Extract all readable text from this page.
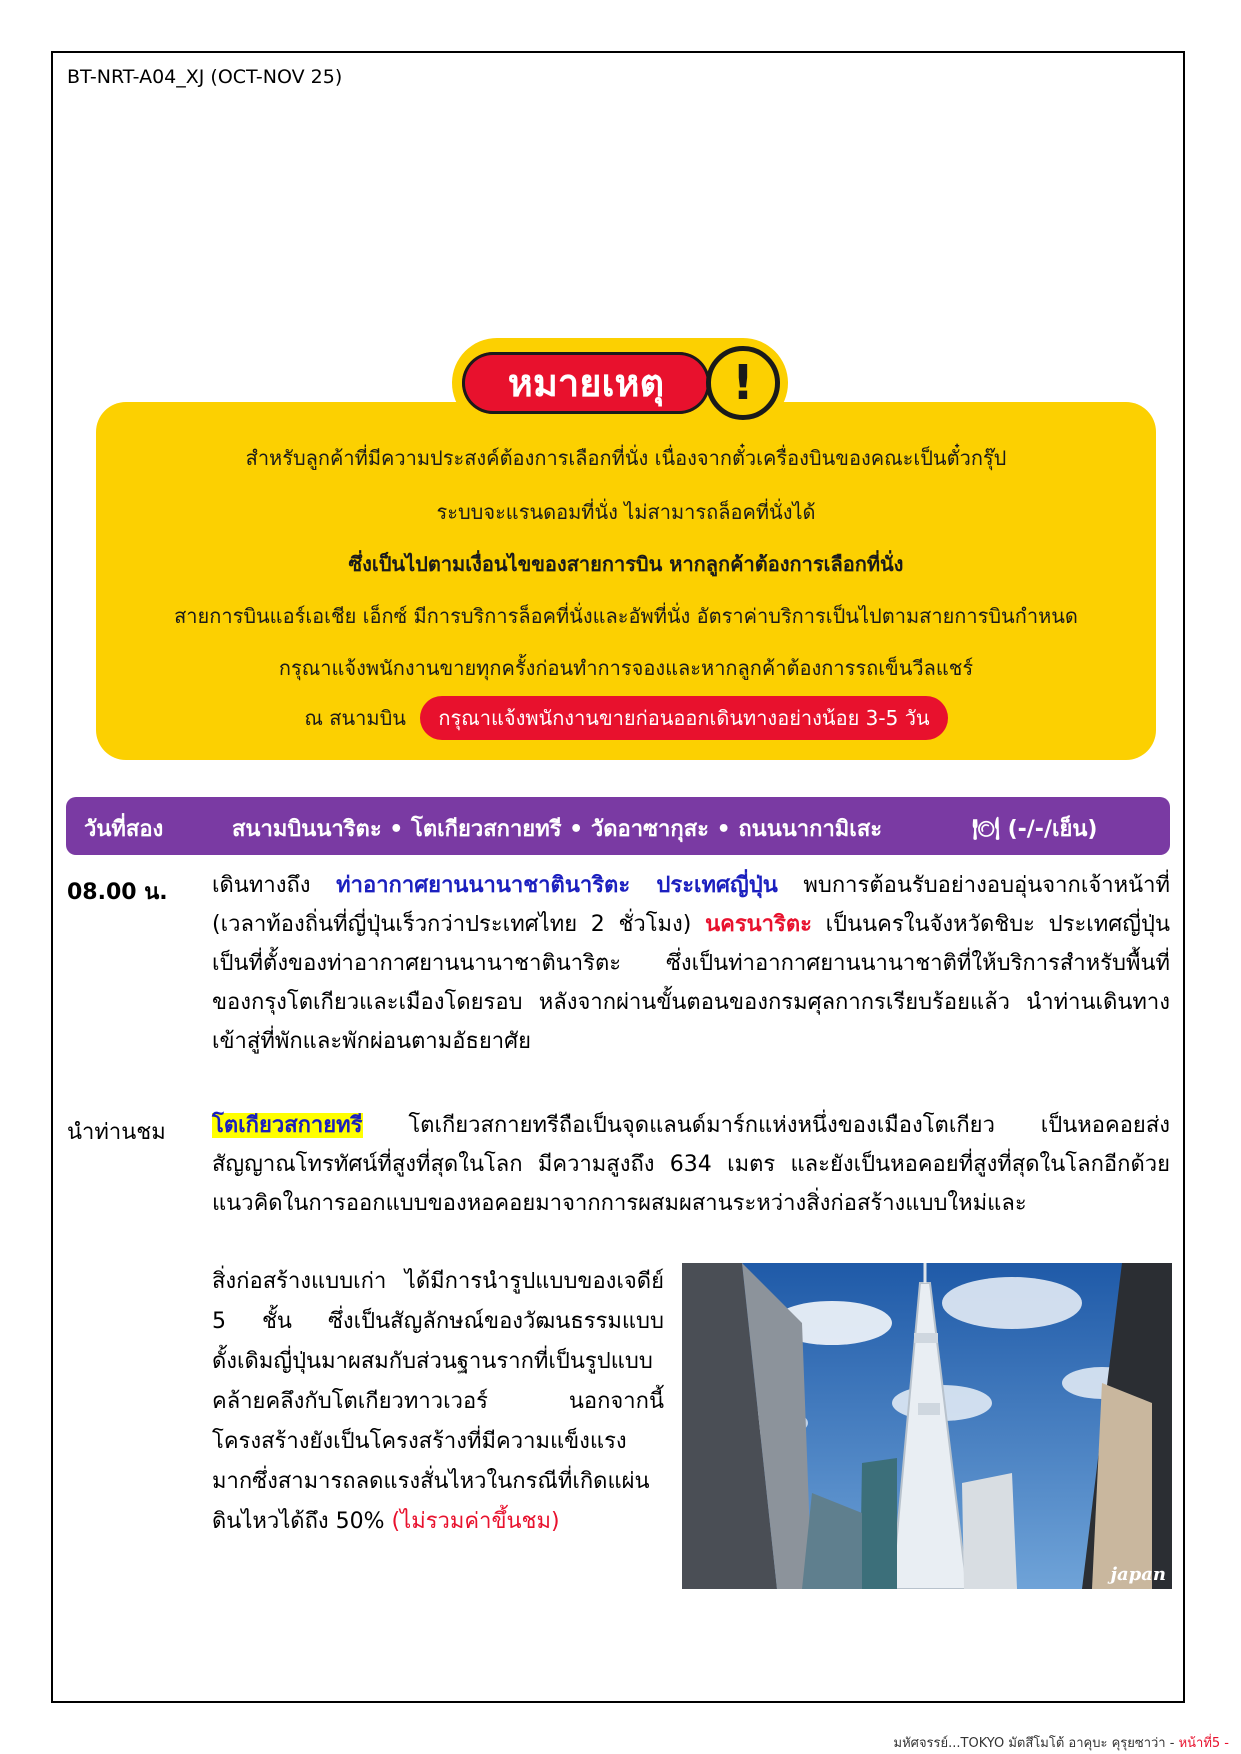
BT-NRT-A04_XJ (OCT-NOV 25)
สำหรับลูกค้าที่มีความประสงค์ต้องการเลือกที่นั่ง เนื่องจากตั๋วเครื่องบินของคณะเป็นตั๋วกรุ๊ป
ระบบจะแรนดอมที่นั่ง ไม่สามารถล็อคที่นั่งได้
ซึ่งเป็นไปตามเงื่อนไขของสายการบิน หากลูกค้าต้องการเลือกที่นั่ง
สายการบินแอร์เอเชีย เอ็กซ์ มีการบริการล็อคที่นั่งและอัพที่นั่ง อัตราค่าบริการเป็นไปตามสายการบินกำหนด
กรุณาแจ้งพนักงานขายทุกครั้งก่อนทำการจองและหากลูกค้าต้องการรถเข็นวีลแชร์
ณ สนามบิน กรุณาแจ้งพนักงานขายก่อนออกเดินทางอย่างน้อย 3-5 วัน
หมายเหตุ	!
วันที่สอง	สนามบินนาริตะ • โตเกียวสกายทรี • วัดอาซากุสะ • ถนนนากามิเสะ	🍽 (-/-/เย็น)
08.00 น. เดินทางถึง ท่าอากาศยานนานาชาตินาริตะ ประเทศญี่ปุ่น พบการต้อนรับอย่างอบอุ่นจากเจ้าหน้าที่ (เวลาท้องถิ่นที่ญี่ปุ่นเร็วกว่าประเทศไทย 2 ชั่วโมง) นครนาริตะ เป็นนครในจังหวัดชิบะ ประเทศญี่ปุ่น เป็นที่ตั้งของท่าอากาศยานนานาชาตินาริตะ ซึ่งเป็นท่าอากาศยานนานาชาติที่ให้บริการสำหรับพื้นที่ของกรุงโตเกียวและเมืองโดยรอบ หลังจากผ่านขั้นตอนของกรมศุลกากรเรียบร้อยแล้ว นำท่านเดินทางเข้าสู่ที่พักและพักผ่อนตามอัธยาศัย
นำท่านชม โตเกียวสกายทรี โตเกียวสกายทรีถือเป็นจุดแลนด์มาร์กแห่งหนึ่งของเมืองโตเกียว เป็นหอคอยส่งสัญญาณโทรทัศน์ที่สูงที่สุดในโลก มีความสูงถึง 634 เมตร และยังเป็นหอคอยที่สูงที่สุดในโลกอีกด้วย แนวคิดในการออกแบบของหอคอยมาจากการผสมผสานระหว่างสิ่งก่อสร้างแบบใหม่และ
สิ่งก่อสร้างแบบเก่า ได้มีการนำรูปแบบของเจดีย์ 5 ชั้น ซึ่งเป็นสัญลักษณ์ของวัฒนธรรมแบบดั้งเดิมญี่ปุ่นมาผสมกับส่วนฐานรากที่เป็นรูปแบบคล้ายคลึงกับโตเกียวทาวเวอร์ นอกจากนี้โครงสร้างยังเป็นโครงสร้างที่มีความแข็งแรงมากซึ่งสามารถลดแรงสั่นไหวในกรณีที่เกิดแผ่นดินไหวได้ถึง 50% (ไม่รวมค่าขึ้นชม)
japan
มหัศจรรย์...TOKYO มัตสึโมโต้ อาคุบะ คุรุยซาว่า - หน้าที่5 -
